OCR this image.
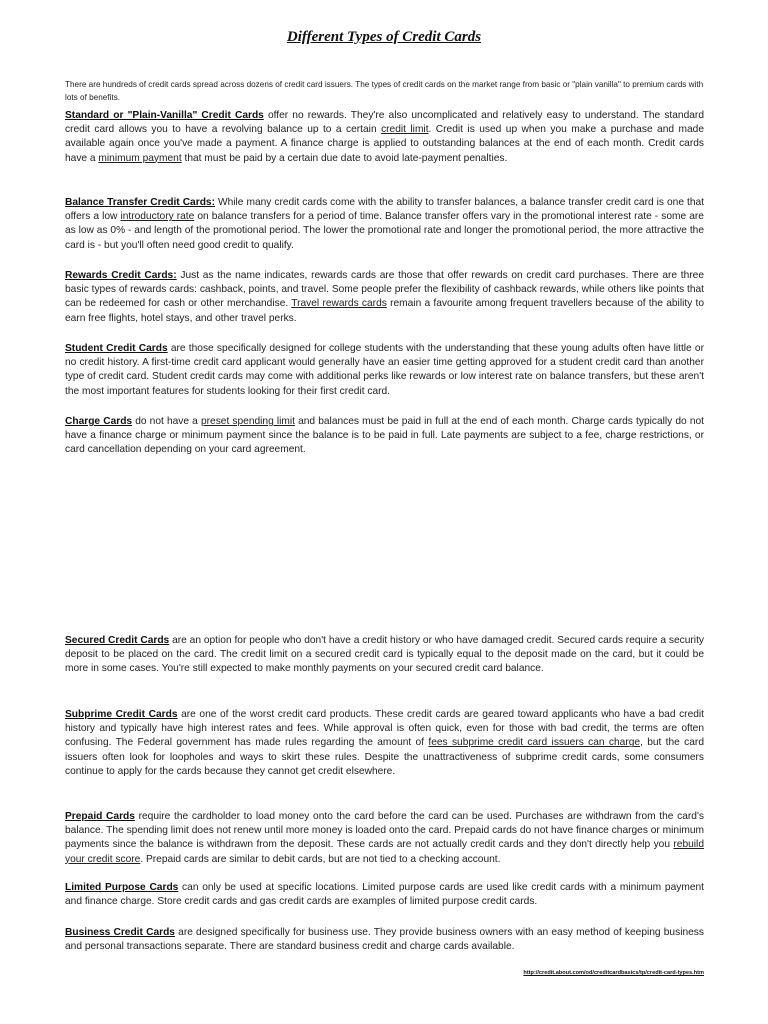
Different Types of Credit Cards
There are hundreds of credit cards spread across dozens of credit card issuers. The types of credit cards on the market range from basic or "plain vanilla" to premium cards with lots of benefits.
Standard or "Plain-Vanilla" Credit Cards offer no rewards. They're also uncomplicated and relatively easy to understand. The standard credit card allows you to have a revolving balance up to a certain credit limit. Credit is used up when you make a purchase and made available again once you've made a payment. A finance charge is applied to outstanding balances at the end of each month. Credit cards have a minimum payment that must be paid by a certain due date to avoid late-payment penalties.
Balance Transfer Credit Cards: While many credit cards come with the ability to transfer balances, a balance transfer credit card is one that offers a low introductory rate on balance transfers for a period of time. Balance transfer offers vary in the promotional interest rate - some are as low as 0% - and length of the promotional period. The lower the promotional rate and longer the promotional period, the more attractive the card is - but you'll often need good credit to qualify.
Rewards Credit Cards: Just as the name indicates, rewards cards are those that offer rewards on credit card purchases. There are three basic types of rewards cards: cashback, points, and travel. Some people prefer the flexibility of cashback rewards, while others like points that can be redeemed for cash or other merchandise. Travel rewards cards remain a favourite among frequent travellers because of the ability to earn free flights, hotel stays, and other travel perks.
Student Credit Cards are those specifically designed for college students with the understanding that these young adults often have little or no credit history. A first-time credit card applicant would generally have an easier time getting approved for a student credit card than another type of credit card. Student credit cards may come with additional perks like rewards or low interest rate on balance transfers, but these aren't the most important features for students looking for their first credit card.
Charge Cards do not have a preset spending limit and balances must be paid in full at the end of each month. Charge cards typically do not have a finance charge or minimum payment since the balance is to be paid in full. Late payments are subject to a fee, charge restrictions, or card cancellation depending on your card agreement.
Secured Credit Cards are an option for people who don't have a credit history or who have damaged credit. Secured cards require a security deposit to be placed on the card. The credit limit on a secured credit card is typically equal to the deposit made on the card, but it could be more in some cases. You're still expected to make monthly payments on your secured credit card balance.
Subprime Credit Cards are one of the worst credit card products. These credit cards are geared toward applicants who have a bad credit history and typically have high interest rates and fees. While approval is often quick, even for those with bad credit, the terms are often confusing. The Federal government has made rules regarding the amount of fees subprime credit card issuers can charge, but the card issuers often look for loopholes and ways to skirt these rules. Despite the unattractiveness of subprime credit cards, some consumers continue to apply for the cards because they cannot get credit elsewhere.
Prepaid Cards require the cardholder to load money onto the card before the card can be used. Purchases are withdrawn from the card's balance. The spending limit does not renew until more money is loaded onto the card. Prepaid cards do not have finance charges or minimum payments since the balance is withdrawn from the deposit. These cards are not actually credit cards and they don't directly help you rebuild your credit score. Prepaid cards are similar to debit cards, but are not tied to a checking account.
Limited Purpose Cards can only be used at specific locations. Limited purpose cards are used like credit cards with a minimum payment and finance charge. Store credit cards and gas credit cards are examples of limited purpose credit cards.
Business Credit Cards are designed specifically for business use. They provide business owners with an easy method of keeping business and personal transactions separate. There are standard business credit and charge cards available.
http://credit.about.com/od/creditcardbasics/tp/credit-card-types.htm
